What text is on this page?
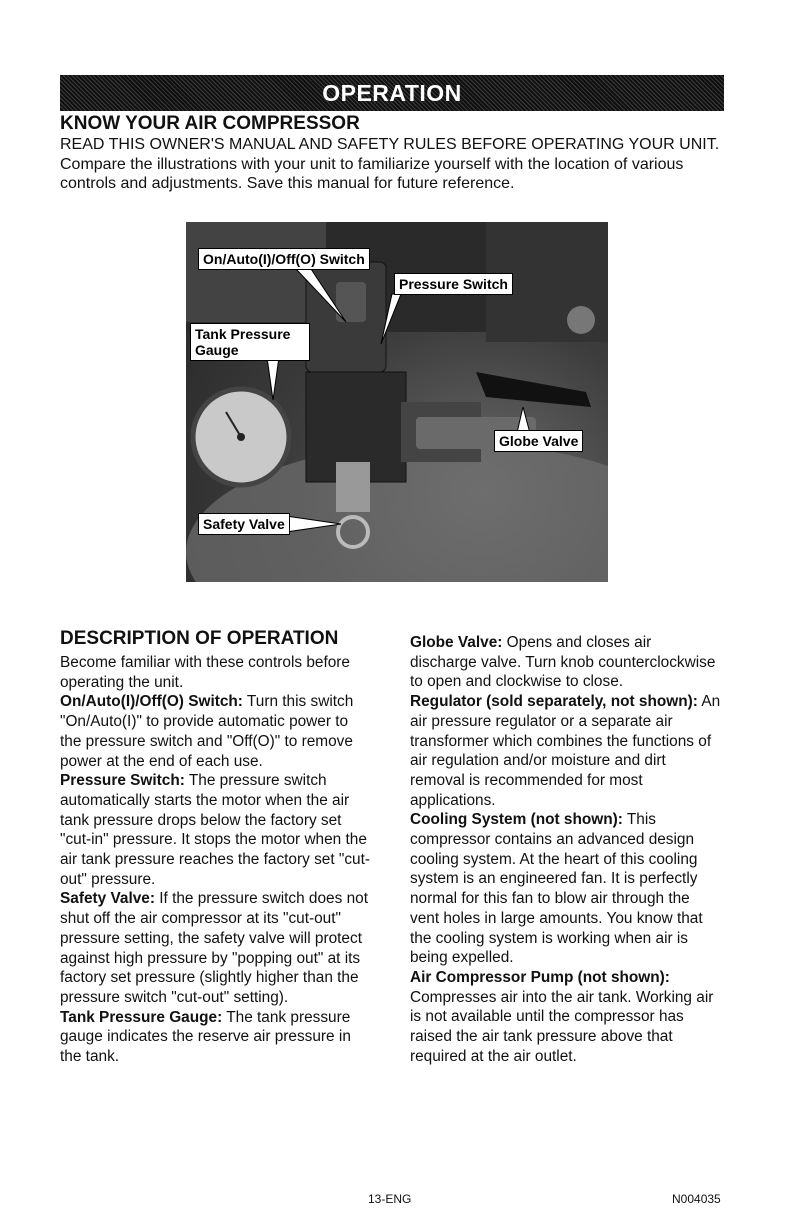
OPERATION
KNOW YOUR AIR COMPRESSOR

READ THIS OWNER'S MANUAL AND SAFETY RULES BEFORE OPERATING YOUR UNIT. Compare the illustrations with your unit to familiarize yourself with the location of various controls and adjustments. Save this manual for future reference.

On/Auto(I)/Off(O) Switch
Pressure Switch
Tank Pressure Gauge
Globe Valve
Safety Valve
DESCRIPTION OF OPERATION

Become familiar with these controls before operating the unit.

On/Auto(I)/Off(O) Switch: Turn this switch "On/Auto(I)" to provide automatic power to the pressure switch and "Off(O)" to remove power at the end of each use.

Pressure Switch: The pressure switch automatically starts the motor when the air tank pressure drops below the factory set "cut-in" pressure. It stops the motor when the air tank pressure reaches the factory set "cut-out" pressure.

Safety Valve: If the pressure switch does not shut off the air compressor at its "cut-out" pressure setting, the safety valve will protect against high pressure by "popping out" at its factory set pressure (slightly higher than the pressure switch "cut-out" setting).

Tank Pressure Gauge: The tank pressure gauge indicates the reserve air pressure in the tank.

Globe Valve: Opens and closes air discharge valve. Turn knob counterclockwise to open and clockwise to close.

Regulator (sold separately, not shown): An air pressure regulator or a separate air transformer which combines the functions of air regulation and/or moisture and dirt removal is recommended for most applications.

Cooling System (not shown): This compressor contains an advanced design cooling system. At the heart of this cooling system is an engineered fan. It is perfectly normal for this fan to blow air through the vent holes in large amounts. You know that the cooling system is working when air is being expelled.

Air Compressor Pump (not shown): Compresses air into the air tank. Working air is not available until the compressor has raised the air tank pressure above that required at the air outlet.

13-ENG	N004035
